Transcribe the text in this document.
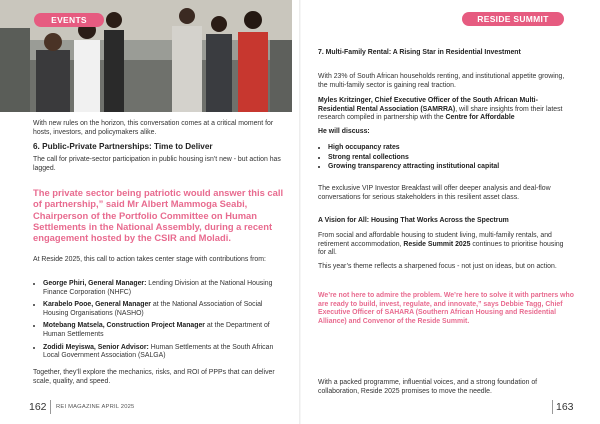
EVENTS
With new rules on the horizon, this conversation comes at a critical moment for hosts, investors, and policymakers alike.
6. Public-Private Partnerships: Time to Deliver
The call for private-sector participation in public housing isn’t new - but action has lagged.
The private sector being patriotic would answer this call of partnership,” said Mr Albert Mammoga Seabi, Chairperson of the Portfolio Committee on Human Settlements in the National Assembly, during a recent engagement hosted by the CSIR and Moladi.
At Reside 2025, this call to action takes center stage with contributions from:
• George Phiri, General Manager: Lending Division at the National Housing Finance Corporation (NHFC)
• Karabelo Pooe, General Manager at the National Association of Social Housing Organisations (NASHO)
• Motebang Matsela, Construction Project Manager at the Department of Human Settlements
• Zodidi Meyiswa, Senior Advisor: Human Settlements at the South African Local Government Association (SALGA)
Together, they’ll explore the mechanics, risks, and ROI of PPPs that can deliver scale, quality, and speed.
162 REI MAGAZINE APRIL 2025
RESIDE SUMMIT
7. Multi-Family Rental: A Rising Star in Residential Investment
With 23% of South African households renting, and institutional appetite growing, the multi-family sector is gaining real traction.
Myles Kritzinger, Chief Executive Officer of the South African Multi-Residential Rental Association (SAMRRA), will share insights from their latest research compiled in partnership with the Centre for Affordable
He will discuss:
• High occupancy rates
• Strong rental collections
• Growing transparency attracting institutional capital
The exclusive VIP Investor Breakfast will offer deeper analysis and deal-flow conversations for serious stakeholders in this resilient asset class.
A Vision for All: Housing That Works Across the Spectrum
From social and affordable housing to student living, multi-family rentals, and retirement accommodation, Reside Summit 2025 continues to prioritise housing for all.
This year’s theme reflects a sharpened focus - not just on ideas, but on action.
We’re not here to admire the problem. We’re here to solve it with partners who are ready to build, invest, regulate, and innovate,” says Debbie Tagg, Chief Executive Officer of SAHARA (Southern African Housing and Residential Alliance) and Convenor of the Reside Summit.
With a packed programme, influential voices, and a strong foundation of collaboration, Reside 2025 promises to move the needle.
163
